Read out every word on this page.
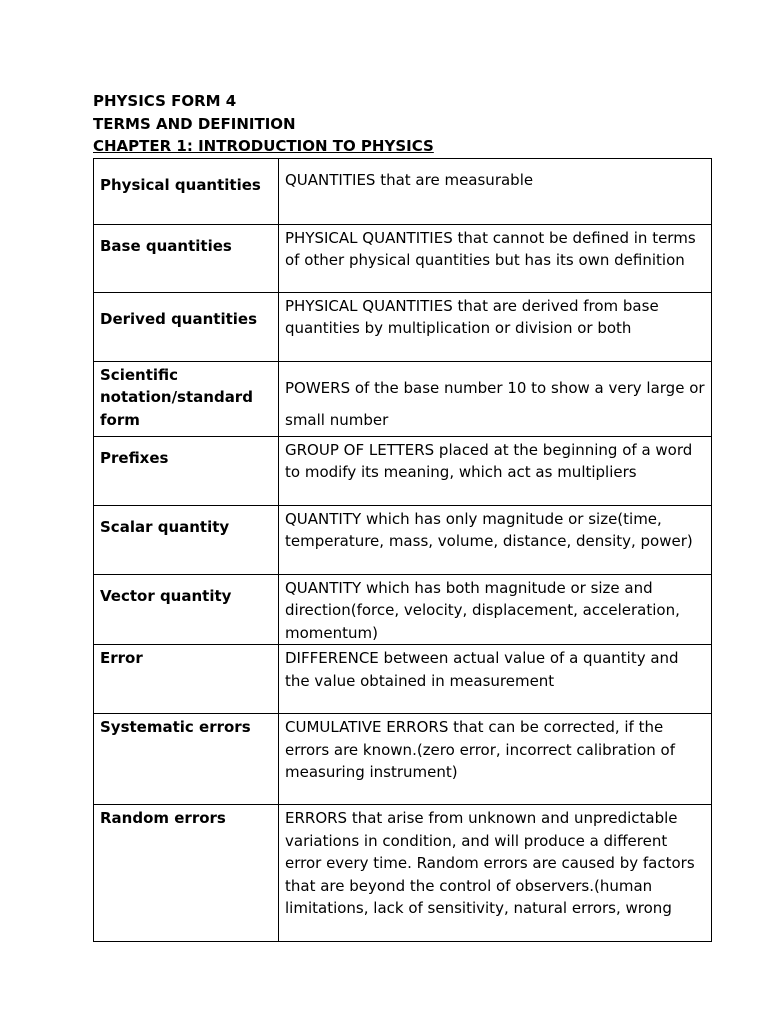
PHYSICS FORM 4

TERMS AND DEFINITION

CHAPTER 1: INTRODUCTION TO PHYSICS

Physical quantities	QUANTITIES that are measurable

Base quantities	PHYSICAL QUANTITIES that cannot be defined in terms of other physical quantities but has its own definition

Derived quantities	PHYSICAL QUANTITIES that are derived from base quantities by multiplication or division or both

Scientific notation/standard form	POWERS of the base number 10 to show a very large or small number

Prefixes	GROUP OF LETTERS placed at the beginning of a word to modify its meaning, which act as multipliers

Scalar quantity	QUANTITY which has only magnitude or size(time, temperature, mass, volume, distance, density, power)

Vector quantity	QUANTITY which has both magnitude or size and direction(force, velocity, displacement, acceleration, momentum)

Error	DIFFERENCE between actual value of a quantity and the value obtained in measurement

Systematic errors	CUMULATIVE ERRORS that can be corrected, if the errors are known.(zero error, incorrect calibration of measuring instrument)

Random errors	ERRORS that arise from unknown and unpredictable variations in condition, and will produce a different error every time. Random errors are caused by factors that are beyond the control of observers.(human limitations, lack of sensitivity, natural errors, wrong
